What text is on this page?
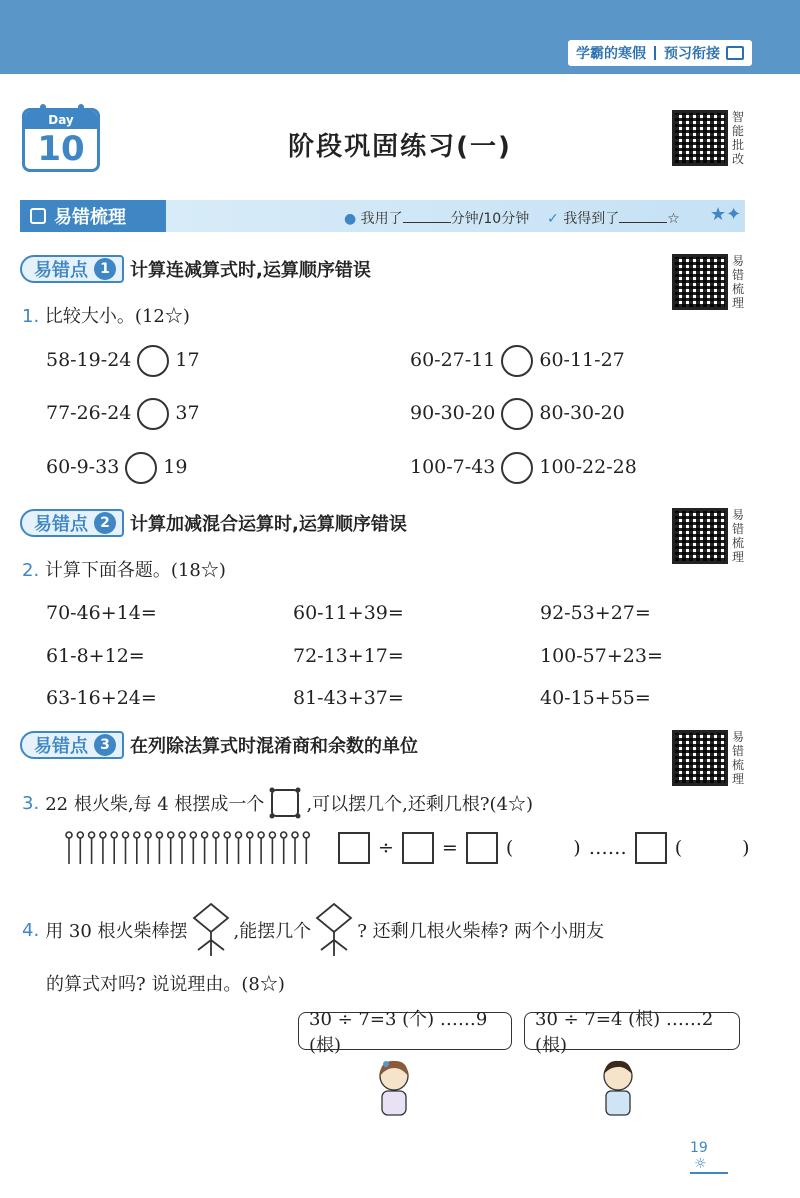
学霸的寒假 预习衔接
Day
10	阶段巩固练习(一)
智能批改
易错梳理	● 我用了	分钟/10分钟 ✓ 我得到了	☆ ★✦
易错点 1	计算连减算式时,运算顺序错误	易错梳理
1. 比较大小。(12☆)
58-19-24 17	60-27-11 60-11-27
77-26-24 37	90-30-20 80-30-20
60-9-33 19	100-7-43 100-22-28
易错点 2	计算加减混合运算时,运算顺序错误	易错梳理
2. 计算下面各题。(18☆)
70-46+14=	60-11+39=	92-53+27=
61-8+12=	72-13+17=	100-57+23=
63-16+24=	81-43+37=	40-15+55=
易错点 3	在列除法算式时混淆商和余数的单位	易错梳理
3. 22 根火柴,每 4 根摆成一个 ,可以摆几个,还剩几根?(4☆)
÷	=	(	) ……	(	)
4. 用 30 根火柴棒摆	,能摆几个	? 还剩几根火柴棒? 两个小朋友
的算式对吗? 说说理由。(8☆)
30 ÷ 7=3 (个) ……9 (根)
30 ÷ 7=4 (根) ……2 (根)
19 ☼
